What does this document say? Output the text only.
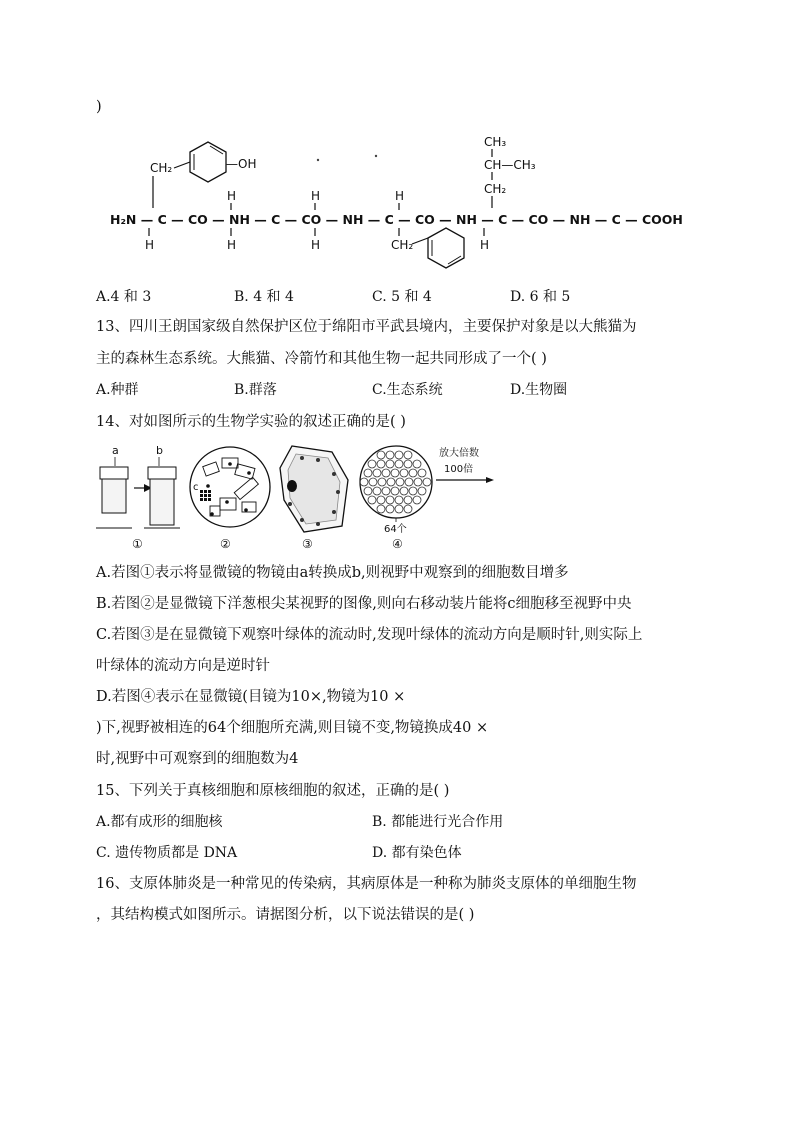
)
CH₂	—OH
CH₃
CH—CH₃
CH₂
H	H	H
H₂N — C — CO — NH — C — CO — NH — C — CO — NH — C — CO — NH — C — COOH
H	H	H	H
CH₂
A.4 和 3	B. 4 和 4	C. 5 和 4	D. 6 和 5
13、四川王朗国家级自然保护区位于绵阳市平武县境内，主要保护对象是以大熊猫为
主的森林生态系统。大熊猫、冷箭竹和其他生物一起共同形成了一个( )
A.种群	B.群落	C.生态系统	D.生物圈
14、对如图所示的生物学实验的叙述正确的是( )
a	b
①
c
②	③
64个
④
放大倍数
100倍
A.若图①表示将显微镜的物镜由a转换成b,则视野中观察到的细胞数目增多
B.若图②是显微镜下洋葱根尖某视野的图像,则向右移动装片能将c细胞移至视野中央
C.若图③是在显微镜下观察叶绿体的流动时,发现叶绿体的流动方向是顺时针,则实际上
叶绿体的流动方向是逆时针
D.若图④表示在显微镜(目镜为10×,物镜为10 ×
)下,视野被相连的64个细胞所充满,则目镜不变,物镜换成40 ×
时,视野中可观察到的细胞数为4
15、下列关于真核细胞和原核细胞的叙述，正确的是( )
A.都有成形的细胞核	B. 都能进行光合作用
C. 遗传物质都是 DNA	D. 都有染色体
16、支原体肺炎是一种常见的传染病，其病原体是一种称为肺炎支原体的单细胞生物
，其结构模式如图所示。请据图分析，以下说法错误的是( )
